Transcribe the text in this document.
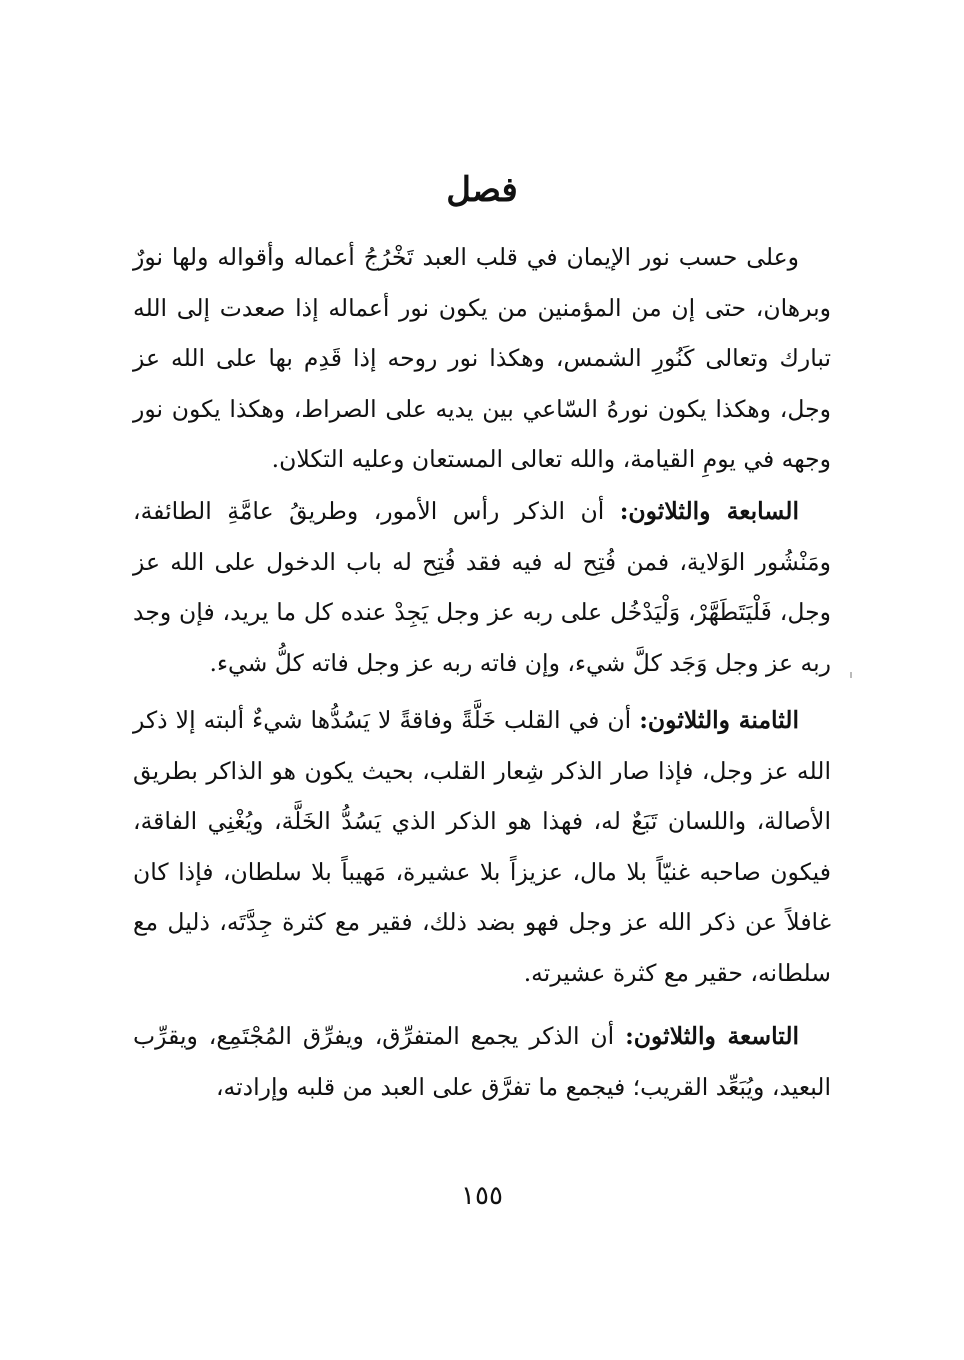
فصل

وعلى حسب نور الإيمان في قلب العبد تَخْرُجُ أعماله وأقواله ولها نورٌ وبرهان، حتى إن من المؤمنين من يكون نور أعماله إذا صعدت إلى الله تبارك وتعالى كَنُورِ الشمس، وهكذا نور روحه إذا قَدِم بها على الله عز وجل، وهكذا يكون نورهُ السّاعي بين يديه على الصراط، وهكذا يكون نور وجهه في يومِ القيامة، والله تعالى المستعان وعليه التكلان.

السابعة والثلاثون: أن الذكر رأس الأمور، وطريقُ عامَّةِ الطائفة، ومَنْشُور الوَلاية، فمن فُتِح له فيه فقد فُتِح له باب الدخول على الله عز وجل، فَلْيَتَطَهَّرْ، وَلْيَدْخُل على ربه عز وجل يَجِدْ عنده كل ما يريد، فإن وجد ربه عز وجل وَجَد كلَّ شيء، وإن فاته ربه عز وجل فاته كلُّ شيء.

الثامنة والثلاثون: أن في القلب خَلَّةً وفاقةً لا يَسُدُّها شيءٌ ألبته إلا ذكر الله عز وجل، فإذا صار الذكر شِعار القلب، بحيث يكون هو الذاكر بطريق الأصالة، واللسان تَبَعٌ له، فهذا هو الذكر الذي يَسُدُّ الخَلَّة، ويُغْنِي الفاقة، فيكون صاحبه غنيّاً بلا مال، عزيزاً بلا عشيرة، مَهيباً بلا سلطان، فإذا كان غافلاً عن ذكر الله عز وجل فهو بضد ذلك، فقير مع كثرة جِدَّتَه، ذليل مع سلطانه، حقير مع كثرة عشيرته.

التاسعة والثلاثون: أن الذكر يجمع المتفرِّق، ويفرِّق المُجْتَمِع، ويقرِّب البعيد، ويُبَعِّد القريب؛ فيجمع ما تفرَّق على العبد من قلبه وإرادته،

١٥٥
